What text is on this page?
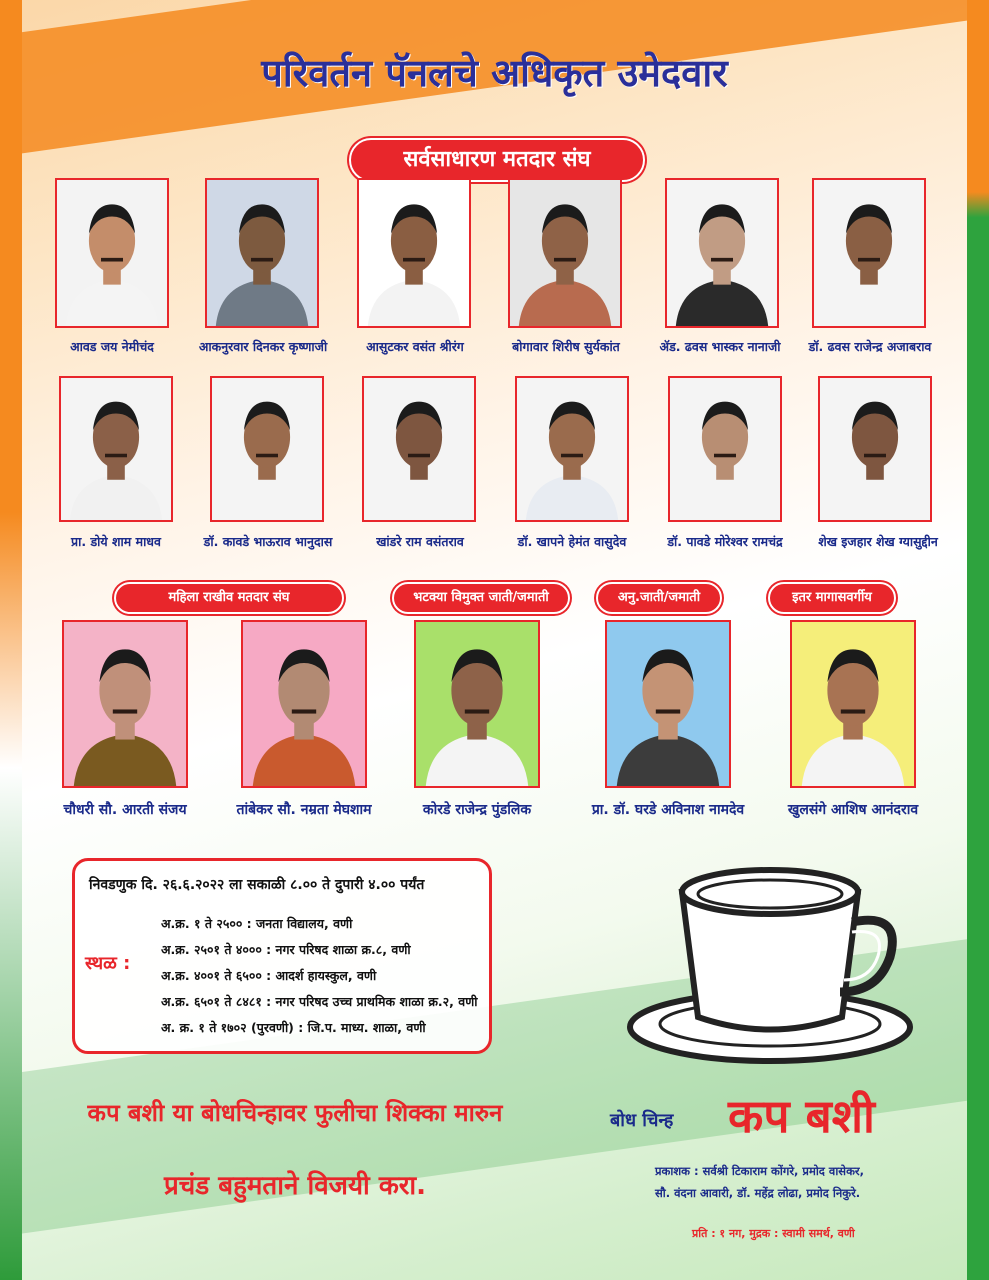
परिवर्तन पॅनलचे अधिकृत उमेदवार
सर्वसाधारण मतदार संघ
आवड जय नेमीचंद	आकनुरवार दिनकर कृष्णाजी	आसुटकर वसंत श्रीरंग	बोगावार शिरीष सुर्यकांत	ॲड. ढवस भास्कर नानाजी	डॉ. ढवस राजेन्द्र अजाबराव
प्रा. डोये शाम माधव	डॉ. कावडे भाऊराव भानुदास	खांडरे राम वसंतराव	डॉ. खापने हेमंत वासुदेव	डॉ. पावडे मोरेश्वर रामचंद्र	शेख इजहार शेख ग्यासुद्दीन
महिला राखीव मतदार संघ	भटक्या विमुक्त जाती/जमाती	अनु.जाती/जमाती	इतर मागासवर्गीय
चौधरी सौ. आरती संजय	तांबेकर सौ. नम्रता मेघशाम	कोरडे राजेन्द्र पुंडलिक	प्रा. डॉ. घरडे अविनाश नामदेव	खुलसंगे आशिष आनंदराव
निवडणुक दि. २६.६.२०२२ ला सकाळी ८.०० ते दुपारी ४.०० पर्यंत
स्थळ :
अ.क्र. १ ते २५०० : जनता विद्यालय, वणी
अ.क्र. २५०१ ते ४००० : नगर परिषद शाळा क्र.८, वणी
अ.क्र. ४००१ ते ६५०० : आदर्श हायस्कुल, वणी
अ.क्र. ६५०१ ते ८४८१ : नगर परिषद उच्च प्राथमिक शाळा क्र.२, वणी
अ. क्र. १ ते १७०२ (पुरवणी) : जि.प. माध्य. शाळा, वणी
कप बशी या बोधचिन्हावर फुलीचा शिक्का मारुन
प्रचंड बहुमताने विजयी करा.
बोध चिन्ह कप बशी
प्रकाशक : सर्वश्री टिकाराम कोंगरे, प्रमोद वासेकर,
सौ. वंदना आवारी, डॉ. महेंद्र लोढा, प्रमोद निकुरे.
प्रति : १ नग, मुद्रक : स्वामी समर्थ, वणी
